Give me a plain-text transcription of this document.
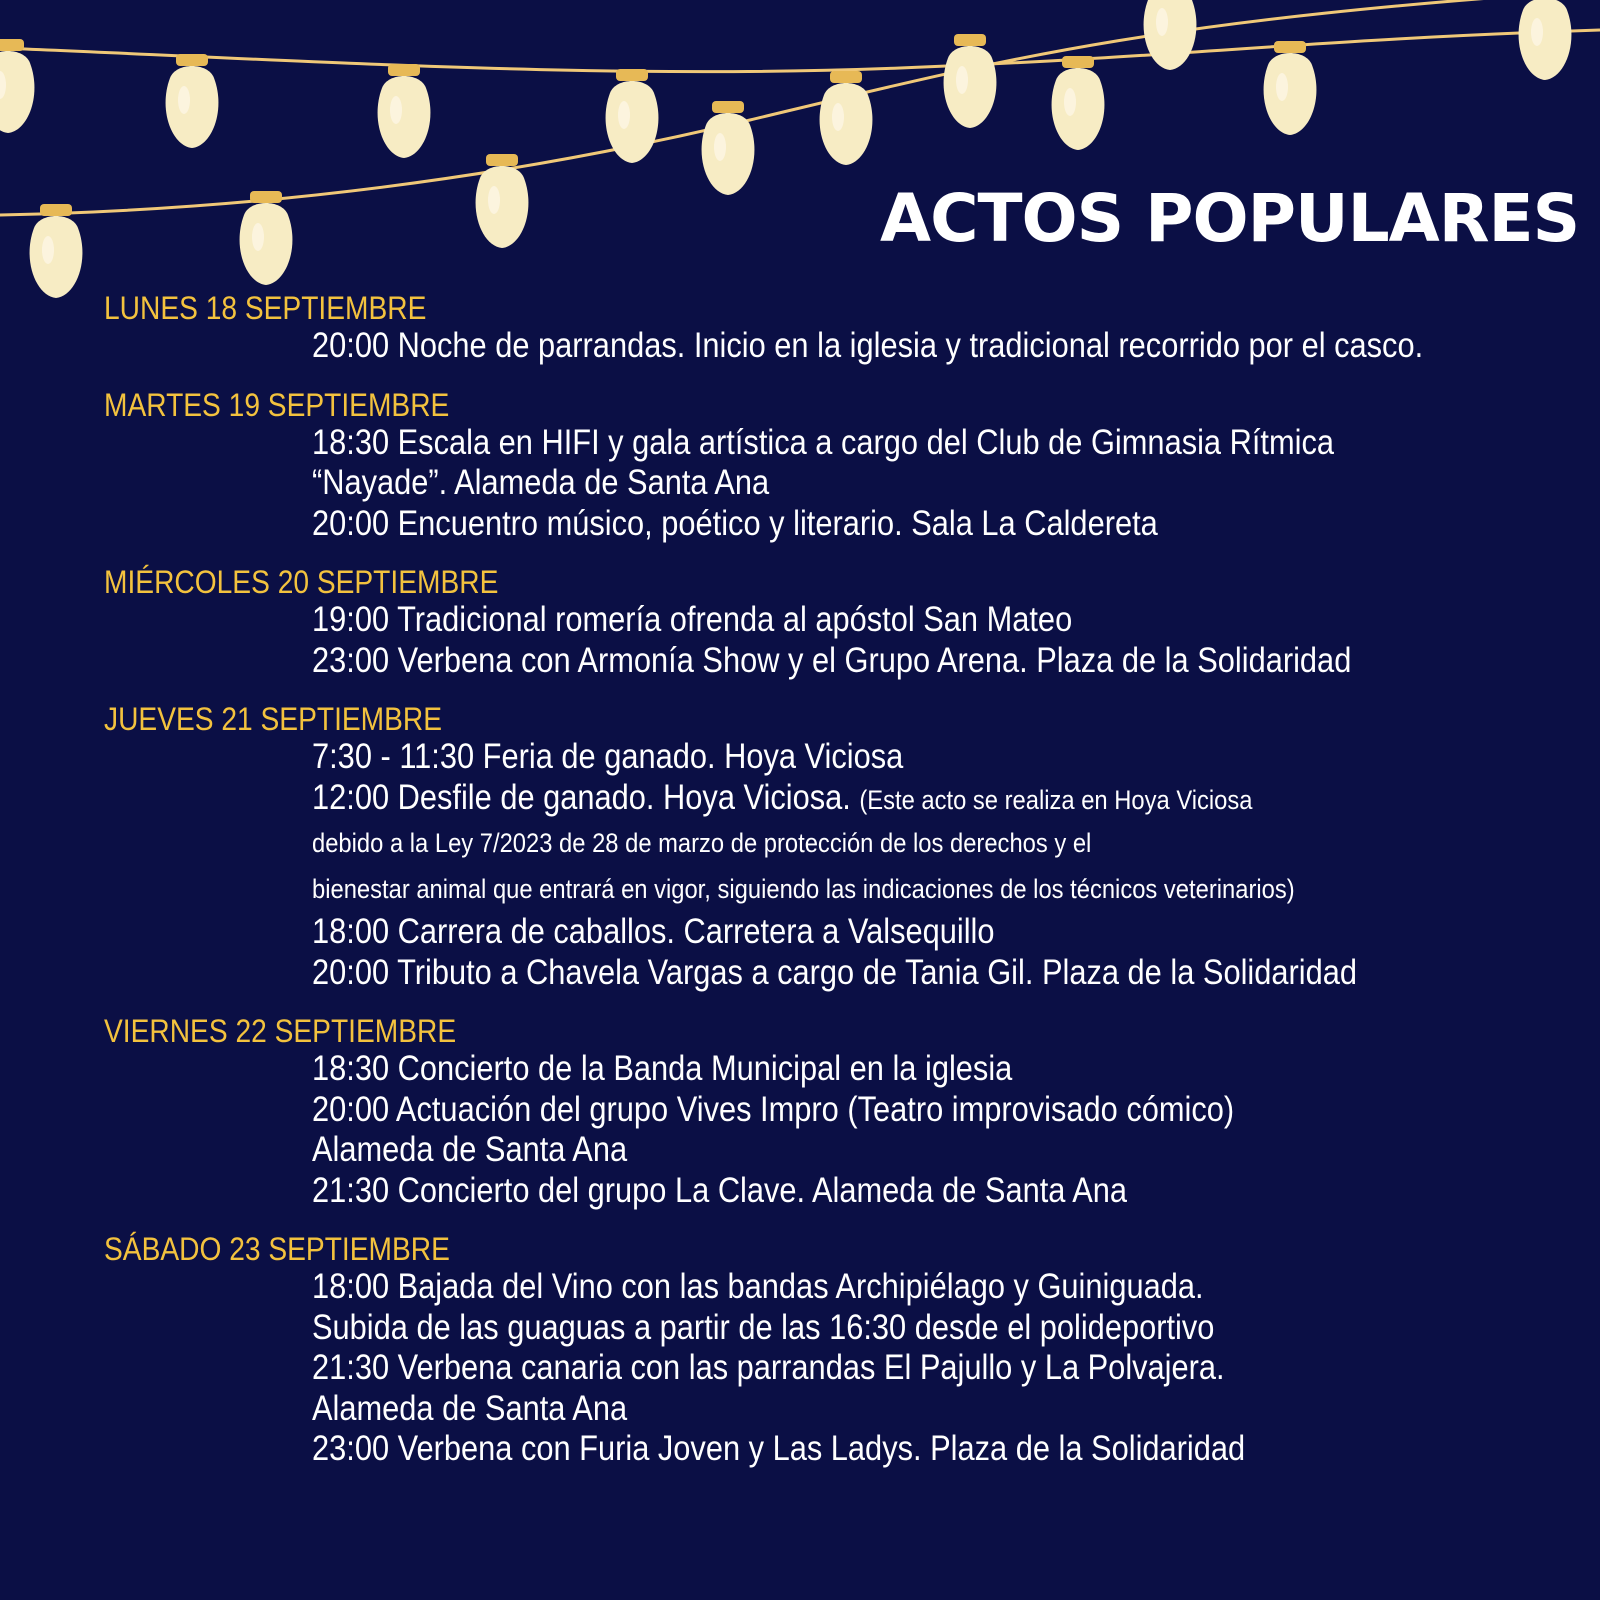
ACTOS POPULARES
LUNES 18 SEPTIEMBRE
20:00 Noche de parrandas. Inicio en la iglesia y tradicional recorrido por el casco.
MARTES 19 SEPTIEMBRE
18:30 Escala en HIFI y gala artística a cargo del Club de Gimnasia Rítmica
“Nayade”. Alameda de Santa Ana
20:00 Encuentro músico, poético y literario. Sala La Caldereta
MIÉRCOLES 20 SEPTIEMBRE
19:00 Tradicional romería ofrenda al apóstol San Mateo
23:00 Verbena con Armonía Show y el Grupo Arena. Plaza de la Solidaridad
JUEVES 21 SEPTIEMBRE
7:30 - 11:30 Feria de ganado. Hoya Viciosa
12:00 Desfile de ganado. Hoya Viciosa. (Este acto se realiza en Hoya Viciosa
debido a la Ley 7/2023 de 28 de marzo de protección de los derechos y el
bienestar animal que entrará en vigor, siguiendo las indicaciones de los técnicos veterinarios)
18:00 Carrera de caballos. Carretera a Valsequillo
20:00 Tributo a Chavela Vargas a cargo de Tania Gil. Plaza de la Solidaridad
VIERNES 22 SEPTIEMBRE
18:30 Concierto de la Banda Municipal en la iglesia
20:00 Actuación del grupo Vives Impro (Teatro improvisado cómico)
Alameda de Santa Ana
21:30 Concierto del grupo La Clave. Alameda de Santa Ana
SÁBADO 23 SEPTIEMBRE
18:00 Bajada del Vino con las bandas Archipiélago y Guiniguada.
Subida de las guaguas a partir de las 16:30 desde el polideportivo
21:30 Verbena canaria con las parrandas El Pajullo y La Polvajera.
Alameda de Santa Ana
23:00 Verbena con Furia Joven y Las Ladys. Plaza de la Solidaridad
